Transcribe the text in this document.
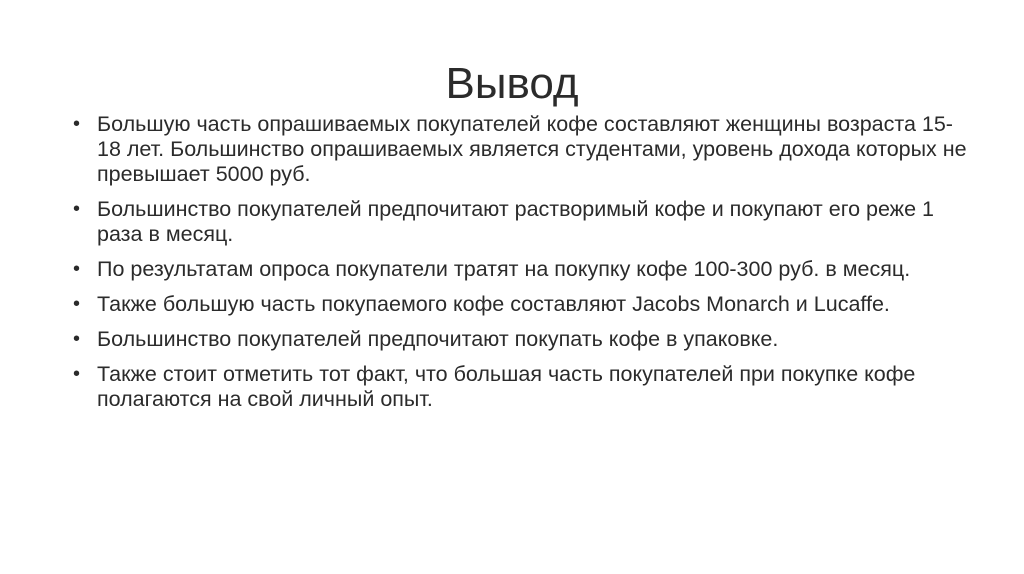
Вывод
• Большую часть опрашиваемых покупателей кофе составляют женщины возраста 15-18 лет. Большинство опрашиваемых является студентами, уровень дохода которых не превышает 5000 руб.
• Большинство покупателей предпочитают растворимый кофе и покупают его реже 1 раза в месяц.
• По результатам опроса покупатели тратят на покупку кофе 100-300 руб. в месяц.
• Также большую часть покупаемого кофе составляют Jacobs Monarch и Lucaffe.
• Большинство покупателей предпочитают покупать кофе в упаковке.
• Также стоит отметить тот факт, что большая часть покупателей при покупке кофе полагаются на свой личный опыт.
